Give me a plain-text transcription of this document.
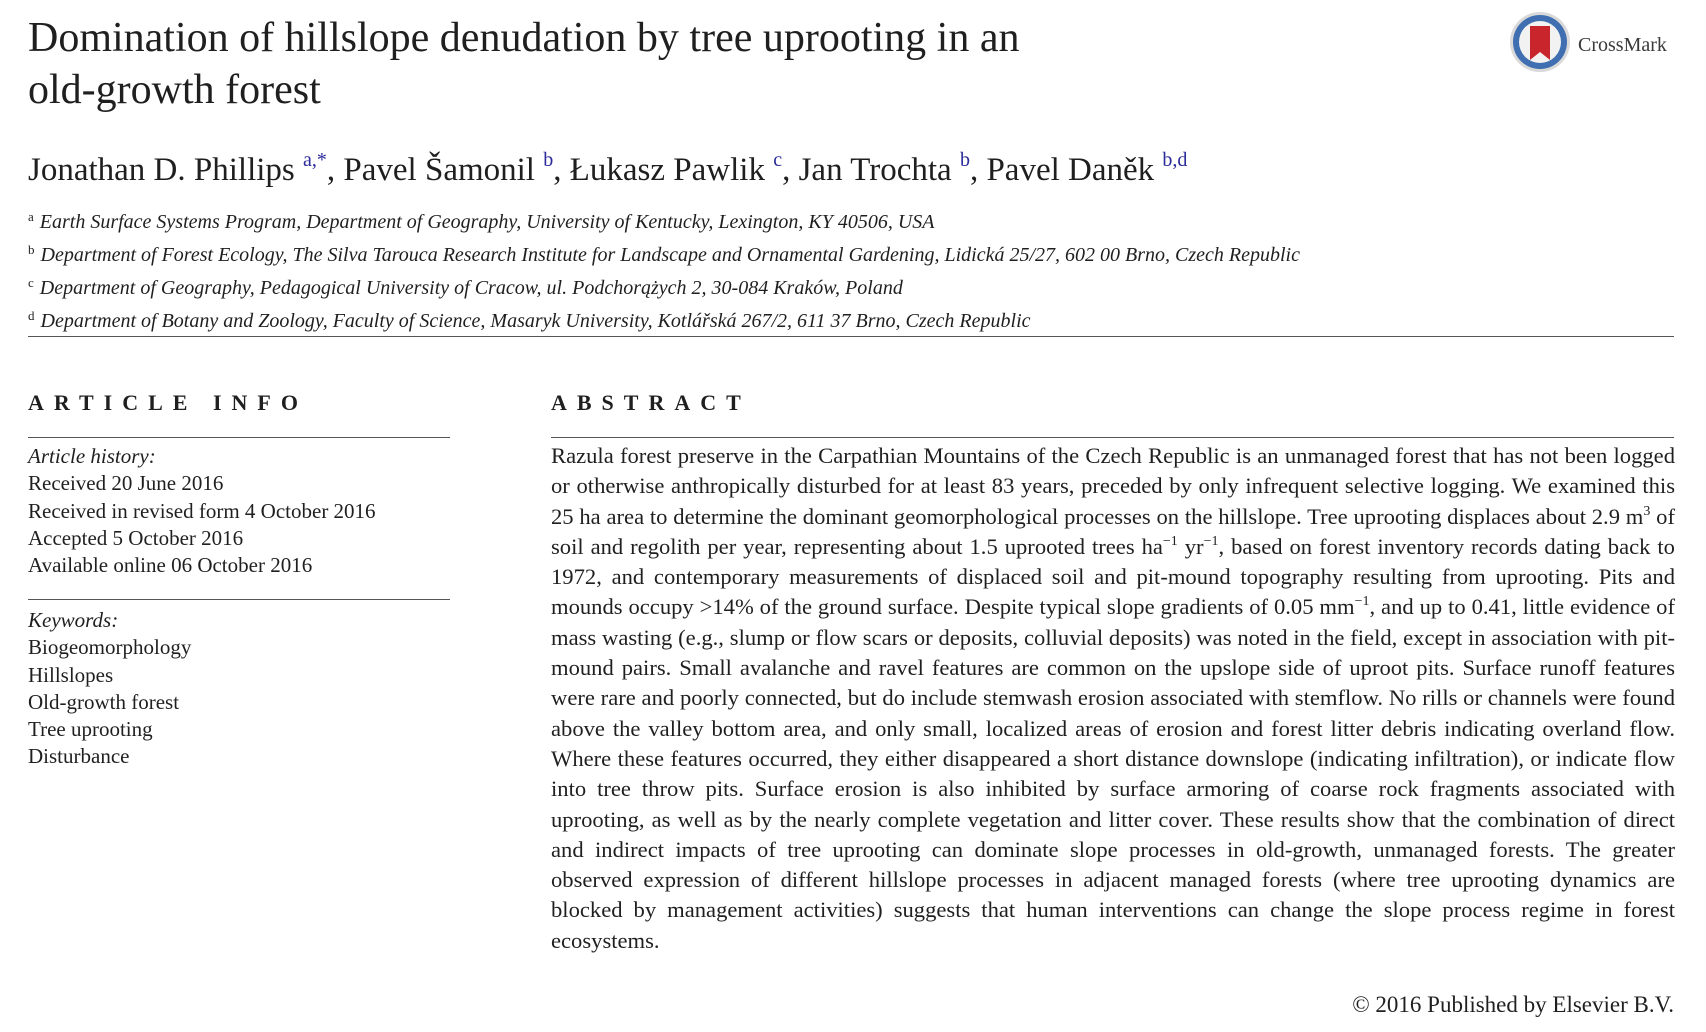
Domination of hillslope denudation by tree uprooting in an
old-growth forest
CrossMark
Jonathan D. Phillips $^{a,*}$, Pavel Šamonil $^b$, Łukasz Pawlik $^c$, Jan Trochta $^b$, Pavel Daněk $^{b,d}$
$^a$ Earth Surface Systems Program, Department of Geography, University of Kentucky, Lexington, KY 40506, USA
$^b$ Department of Forest Ecology, The Silva Tarouca Research Institute for Landscape and Ornamental Gardening, Lidická 25/27, 602 00 Brno, Czech Republic
$^c$ Department of Geography, Pedagogical University of Cracow, ul. Podchorążych 2, 30-084 Kraków, Poland
$^d$ Department of Botany and Zoology, Faculty of Science, Masaryk University, Kotlářská 267/2, 611 37 Brno, Czech Republic
ARTICLE INFO
Article history:
Received 20 June 2016
Received in revised form 4 October 2016
Accepted 5 October 2016
Available online 06 October 2016
Keywords:
Biogeomorphology
Hillslopes
Old-growth forest
Tree uprooting
Disturbance
ABSTRACT
Razula forest preserve in the Carpathian Mountains of the Czech Republic is an unmanaged forest that has not been logged or otherwise anthropically disturbed for at least 83 years, preceded by only infrequent selective logging. We examined this 25 ha area to determine the dominant geomorphological processes on the hillslope. Tree uprooting displaces about 2.9 $m^3$ of soil and regolith per year, representing about 1.5 uprooted trees $ha^{-1}$ $yr^{-1}$, based on forest inventory records dating back to 1972, and contemporary measurements of displaced soil and pit-mound topography resulting from uprooting. Pits and mounds occupy >14% of the ground surface. Despite typical slope gradients of 0.05 $mm^{-1}$, and up to 0.41, little evidence of mass wasting (e.g., slump or flow scars or deposits, colluvial deposits) was noted in the field, except in association with pit-mound pairs. Small avalanche and ravel features are common on the upslope side of uproot pits. Surface runoff features were rare and poorly connected, but do include stemwash erosion associated with stemflow. No rills or channels were found above the valley bottom area, and only small, localized areas of erosion and forest litter debris indicating overland flow. Where these features occurred, they either disappeared a short distance downslope (indicating infiltration), or indicate flow into tree throw pits. Surface erosion is also inhibited by surface armoring of coarse rock fragments associated with uprooting, as well as by the nearly complete vegetation and litter cover. These results show that the combination of direct and indirect impacts of tree uprooting can dominate slope processes in old-growth, unmanaged forests. The greater observed expression of different hillslope processes in adjacent managed forests (where tree uprooting dynamics are blocked by management activities) suggests that human interventions can change the slope process regime in forest ecosystems.
© 2016 Published by Elsevier B.V.
